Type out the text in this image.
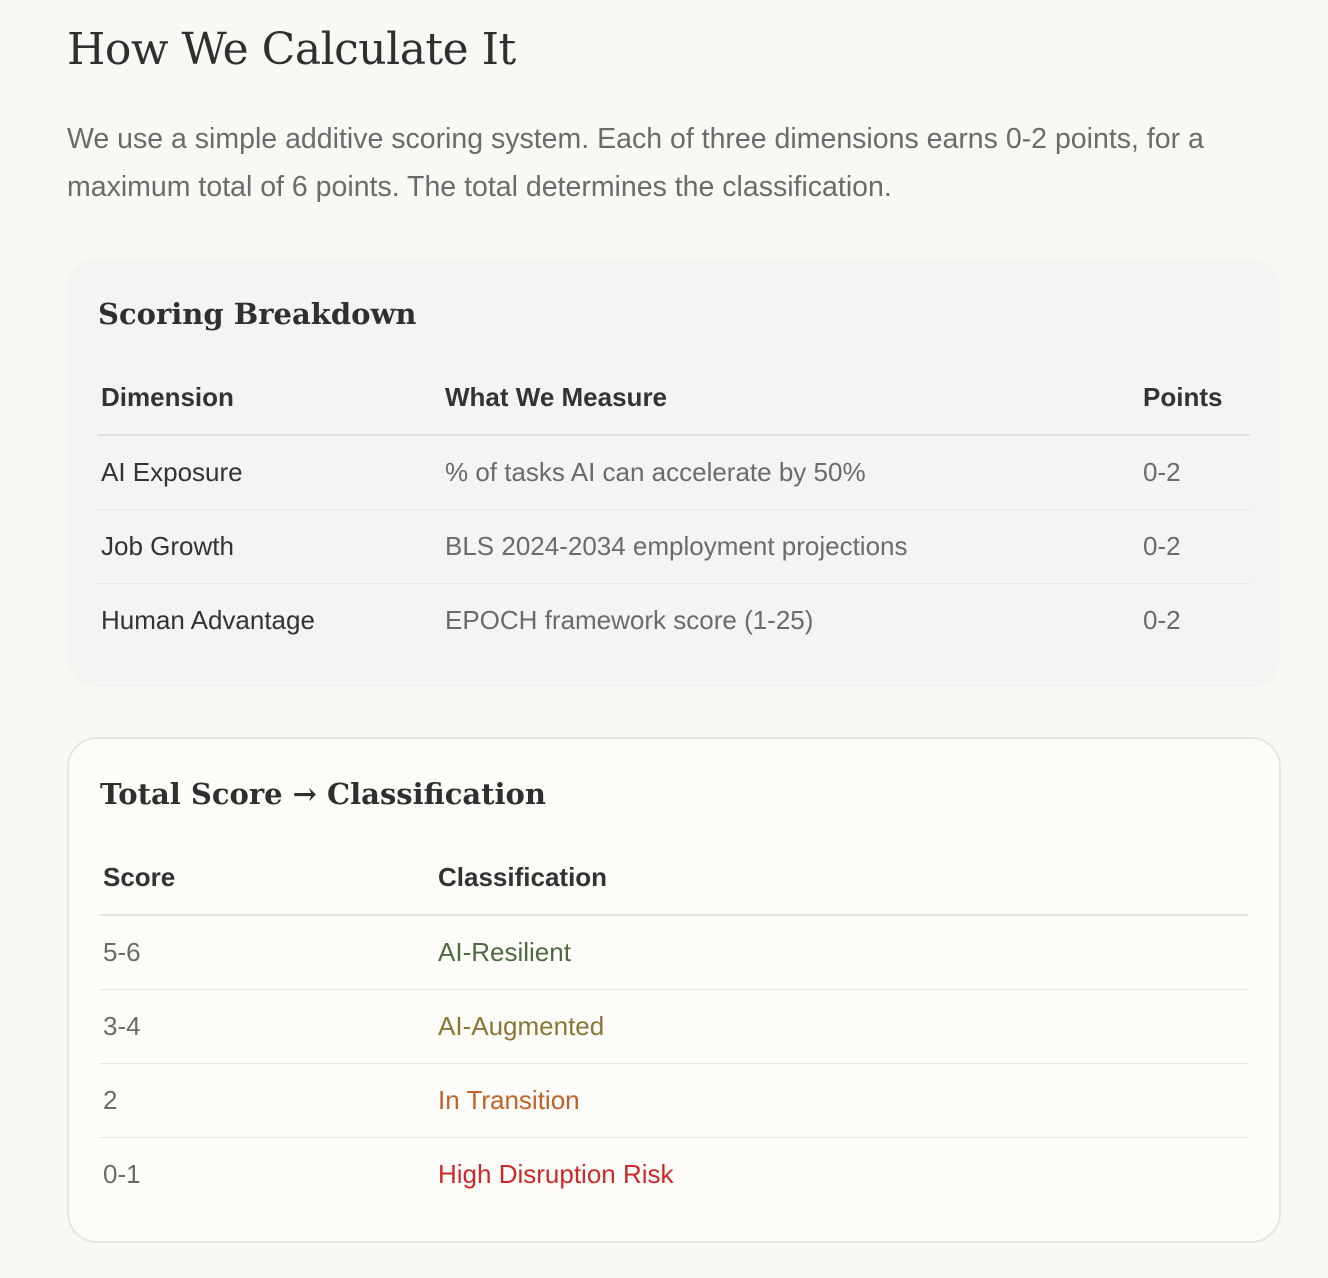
How We Calculate It

We use a simple additive scoring system. Each of three dimensions earns 0-2 points, for a maximum total of 6 points. The total determines the classification.

Scoring Breakdown
Dimension	What We Measure	Points
AI Exposure	% of tasks AI can accelerate by 50%	0-2
Job Growth	BLS 2024-2034 employment projections	0-2
Human Advantage	EPOCH framework score (1-25)	0-2
Total Score → Classification
Score	Classification
5-6	AI-Resilient
3-4	AI-Augmented
2	In Transition
0-1	High Disruption Risk
